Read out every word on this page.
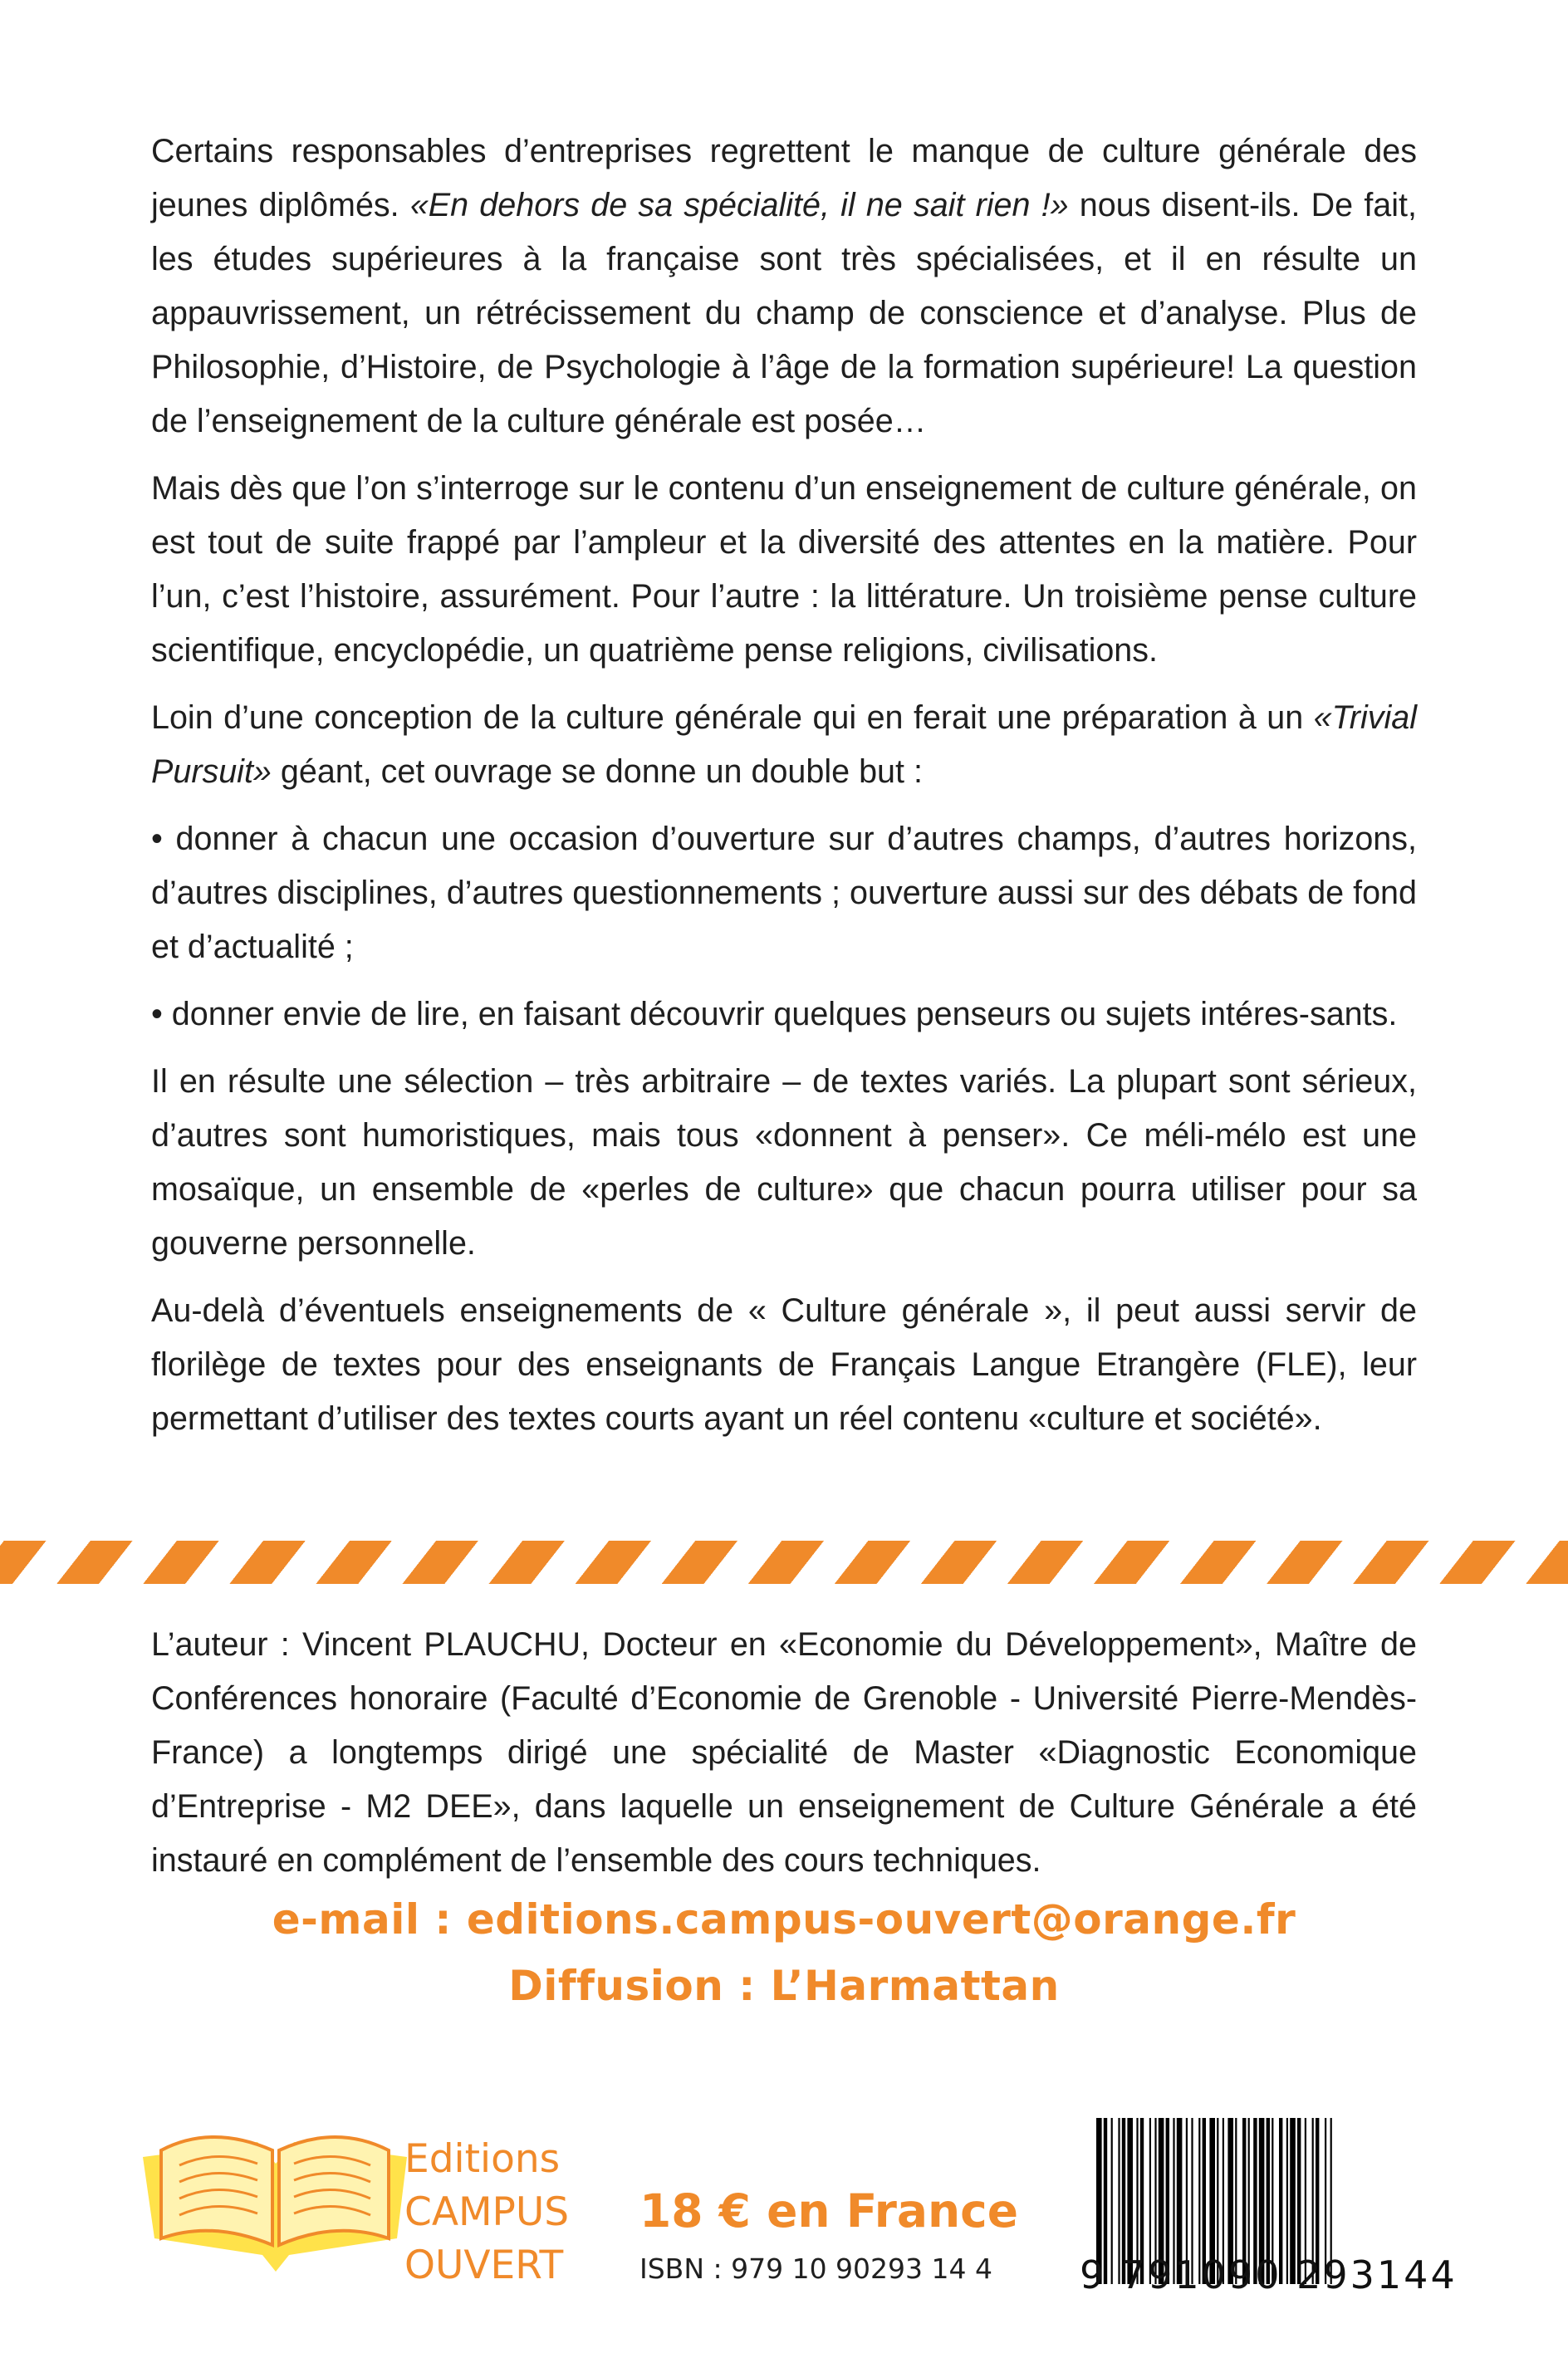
Certains responsables d’entreprises regrettent le manque de culture générale des jeunes diplômés. «En dehors de sa spécialité, il ne sait rien !» nous disent-ils. De fait, les études supérieures à la française sont très spécialisées, et il en résulte un appauvrissement, un rétrécissement du champ de conscience et d’analyse. Plus de Philosophie, d’Histoire, de Psychologie à l’âge de la formation supérieure! La question de l’enseignement de la culture générale est posée…

Mais dès que l’on s’interroge sur le contenu d’un enseignement de culture générale, on est tout de suite frappé par l’ampleur et la diversité des attentes en la matière. Pour l’un, c’est l’histoire, assurément. Pour l’autre : la littérature. Un troisième pense culture scientifique, encyclopédie, un quatrième pense religions, civilisations.

Loin d’une conception de la culture générale qui en ferait une préparation à un «Trivial Pursuit» géant, cet ouvrage se donne un double but :

• donner à chacun une occasion d’ouverture sur d’autres champs, d’autres horizons, d’autres disciplines, d’autres questionnements ; ouverture aussi sur des débats de fond et d’actualité ;

• donner envie de lire, en faisant découvrir quelques penseurs ou sujets intéres-sants.

Il en résulte une sélection – très arbitraire – de textes variés. La plupart sont sérieux, d’autres sont humoristiques, mais tous «donnent à penser». Ce méli-mélo est une mosaïque, un ensemble de «perles de culture» que chacun pourra utiliser pour sa gouverne personnelle.

Au-delà d’éventuels enseignements de « Culture générale », il peut aussi servir de florilège de textes pour des enseignants de Français Langue Etrangère (FLE), leur permettant d’utiliser des textes courts ayant un réel contenu «culture et société».

L’auteur : Vincent PLAUCHU, Docteur en «Economie du Développement», Maître de Conférences honoraire (Faculté d’Economie de Grenoble - Université Pierre-Mendès-France) a longtemps dirigé une spécialité de Master «Diagnostic Economique d’Entreprise - M2 DEE», dans laquelle un enseignement de Culture Générale a été instauré en complément de l’ensemble des cours techniques.

e-mail : editions.campus-ouvert@orange.fr
Diffusion : L’Harmattan
Editions
CAMPUS
OUVERT
18 € en France
ISBN : 979 10 90293 14 4 9 791090 293144
